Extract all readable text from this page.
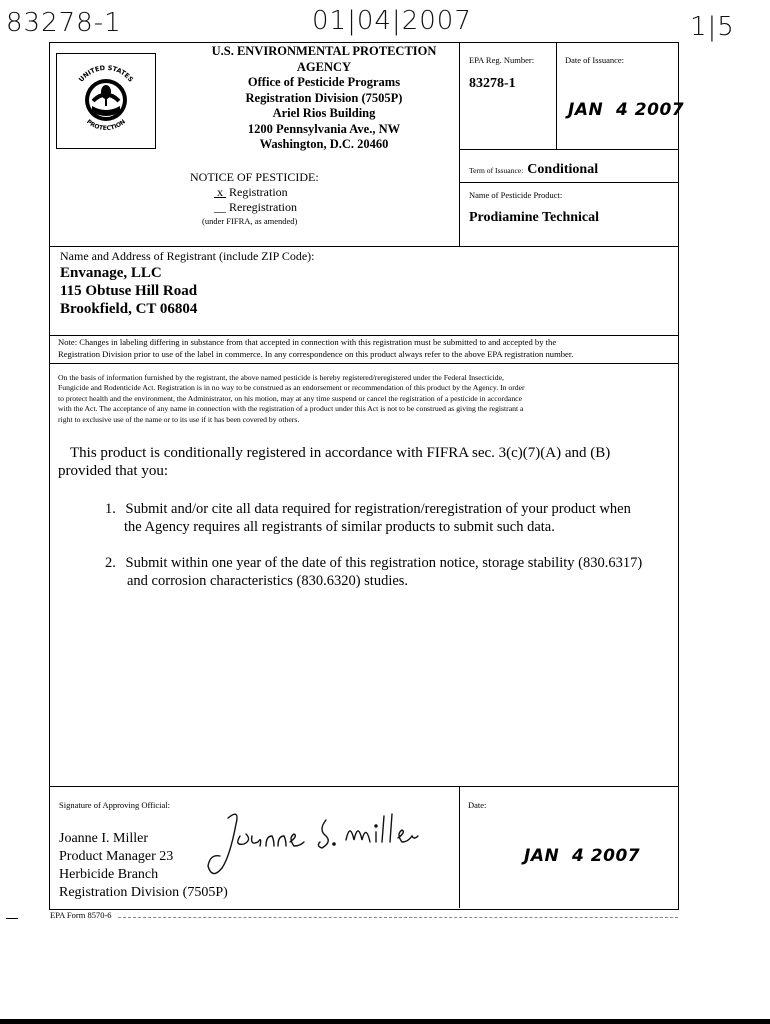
83278-1	01|04|2007	1|5
UNITED STATES
PROTECTION
U.S. ENVIRONMENTAL PROTECTION
AGENCY
Office of Pesticide Programs
Registration Division (7505P)
Ariel Rios Building
1200 Pennsylvania Ave., NW
Washington, D.C. 20460
EPA Reg. Number:
83278-1
Date of Issuance:
JAN  4 2007
NOTICE OF PESTICIDE:
x Registration
__ Reregistration
(under FIFRA, as amended)
Term of Issuance: Conditional
Name of Pesticide Product:
Prodiamine Technical
Name and Address of Registrant (include ZIP Code):
Envanage, LLC
115 Obtuse Hill Road
Brookfield, CT 06804
Note: Changes in labeling differing in substance from that accepted in connection with this registration must be submitted to and accepted by the
Registration Division prior to use of the label in commerce. In any correspondence on this product always refer to the above EPA registration number.
On the basis of information furnished by the registrant, the above named pesticide is hereby registered/reregistered under the Federal Insecticide,
Fungicide and Rodenticide Act. Registration is in no way to be construed as an endorsement or recommendation of this product by the Agency. In order
to protect health and the environment, the Administrator, on his motion, may at any time suspend or cancel the registration of a pesticide in accordance
with the Act. The acceptance of any name in connection with the registration of a product under this Act is not to be construed as giving the registrant a
right to exclusive use of the name or to its use if it has been covered by others.
This product is conditionally registered in accordance with FIFRA sec. 3(c)(7)(A) and (B)
provided that you:
1. Submit and/or cite all data required for registration/reregistration of your product when
the Agency requires all registrants of similar products to submit such data.
2. Submit within one year of the date of this registration notice, storage stability (830.6317)
and corrosion characteristics (830.6320) studies.
Signature of Approving Official:
Joanne I. Miller
Product Manager 23
Herbicide Branch
Registration Division (7505P)
Date:
JAN  4 2007
EPA Form 8570-6
